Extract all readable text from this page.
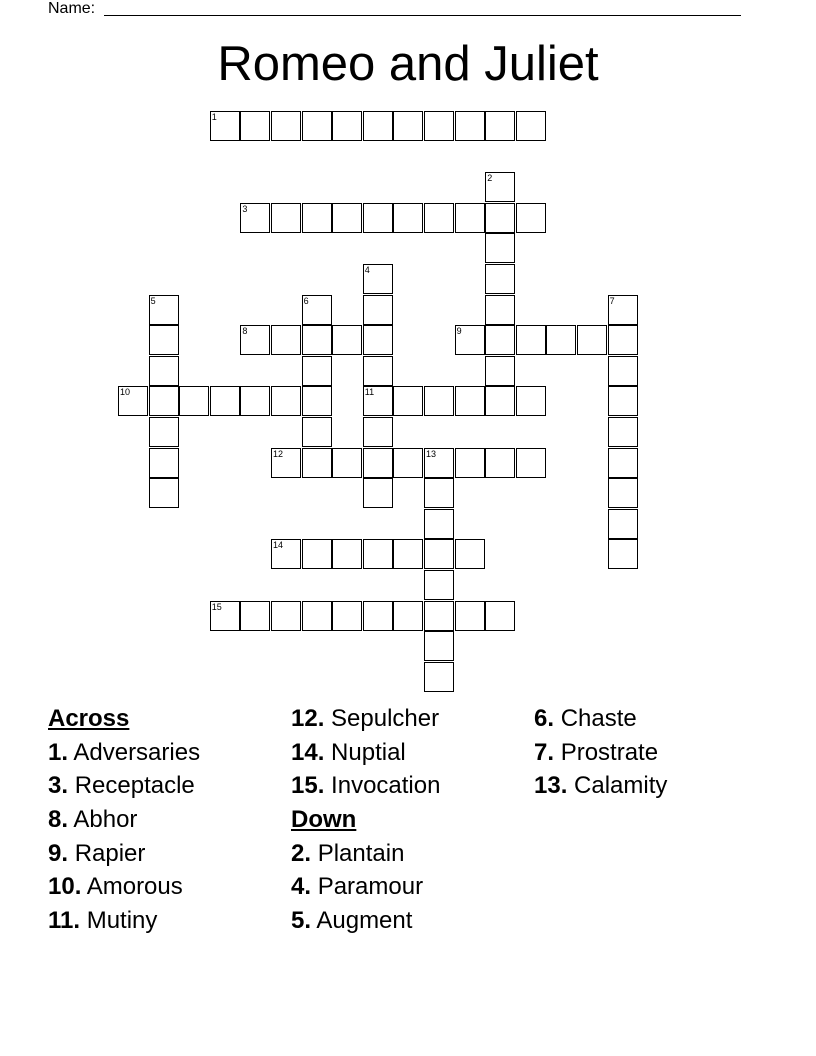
Name:
Romeo and Juliet
1
2
3
4
11
5	6	7
8	9
10
12	13
14
15
Across
1. Adversaries
3. Receptacle
8. Abhor
9. Rapier
10. Amorous
11. Mutiny
12. Sepulcher
14. Nuptial
15. Invocation
Down
2. Plantain
4. Paramour
5. Augment
6. Chaste
7. Prostrate
13. Calamity
